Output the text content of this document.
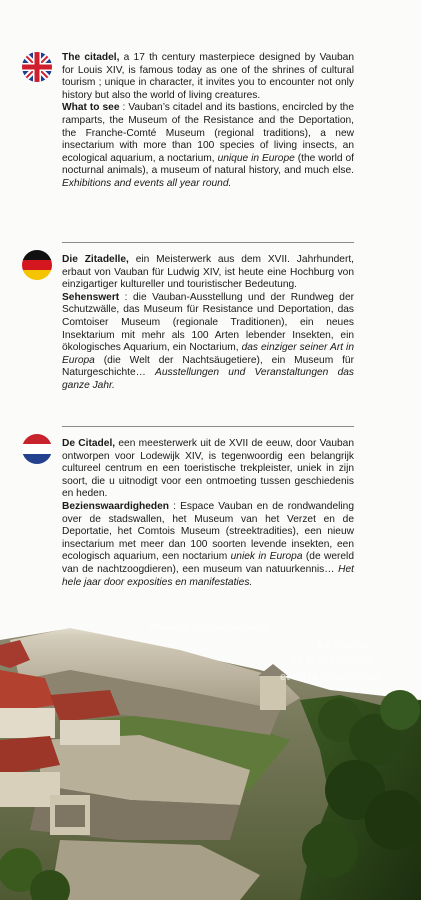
The citadel, a 17 th century masterpiece designed by Vauban for Louis XIV, is famous today as one of the shrines of cultural tourism ; unique in character, it invites you to encounter not only history but also the world of living creatures.

What to see : Vauban’s citadel and its bastions, encircled by the ramparts, the Museum of the Resistance and the Deportation, the Franche-Comté Museum (regional traditions), a new insectarium with more than 100 species of living insects, an ecological aquarium, a noctarium, unique in Europe (the world of nocturnal animals), a museum of natural history, and much else. Exhibitions and events all year round.

Die Zitadelle, ein Meisterwerk aus dem XVII. Jahrhundert, erbaut von Vauban für Ludwig XIV, ist heute eine Hochburg von einzigartiger kultureller und touristischer Bedeutung.

Sehenswert : die Vauban-Ausstellung und der Rundweg der Schutzwälle, das Museum für Resistance und Deportation, das Comtoiser Museum (regionale Traditionen), ein neues Insektarium mit mehr als 100 Arten lebender Insekten, ein ökologisches Aquarium, ein Noctarium, das einziger seiner Art in Europa (die Welt der Nachtsäugetiere), ein Museum für Naturgeschichte… Ausstellungen und Veranstaltungen das ganze Jahr.

De Citadel, een meesterwerk uit de XVII de eeuw, door Vauban ontworpen voor Lodewijk XIV, is tegenwoordig een belangrijk cultureel centrum en een toeristische trekpleister, uniek in zijn soort, die u uitnodigt voor een ontmoeting tussen geschiedenis en heden.

Bezienswaardigheden : Espace Vauban en de rondwandeling over de stadswallen, het Museum van het Verzet en de Deportatie, het Comtois Museum (streektradities), een nieuw insectarium met meer dan 100 soorten levende insekten, een ecologisch aquarium, een noctarium uniek in Europa (de wereld van de nachtzoogdieren), een museum van natuurkennis… Het hele jaar door exposities en manifestaties.

Musée de la Franche-Comté
Le Musée
de la résistance
et de la déportation
